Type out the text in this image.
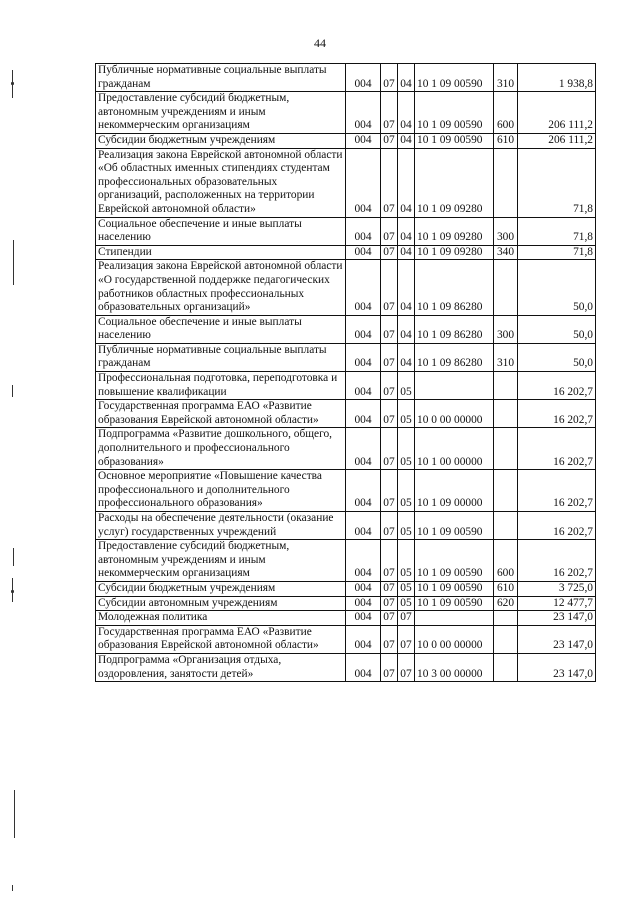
44
Публичные нормативные социальные выплаты гражданам	004	07	04	10 1 09 00590	310	1 938,8
Предоставление субсидий бюджетным, автономным учреждениям и иным некоммерческим организациям	004	07	04	10 1 09 00590	600	206 111,2
Субсидии бюджетным учреждениям	004	07	04	10 1 09 00590	610	206 111,2
Реализация закона Еврейской автономной области «Об областных именных стипендиях студентам профессиональных образовательных организаций, расположенных на территории Еврейской автономной области»	004	07	04	10 1 09 09280		71,8
Социальное обеспечение и иные выплаты населению	004	07	04	10 1 09 09280	300	71,8
Стипендии	004	07	04	10 1 09 09280	340	71,8
Реализация закона Еврейской автономной области «О государственной поддержке педагогических работников областных профессиональных образовательных организаций»	004	07	04	10 1 09 86280		50,0
Социальное обеспечение и иные выплаты населению	004	07	04	10 1 09 86280	300	50,0
Публичные нормативные социальные выплаты гражданам	004	07	04	10 1 09 86280	310	50,0
Профессиональная подготовка, переподготовка и повышение квалификации	004	07	05			16 202,7
Государственная программа ЕАО «Развитие образования Еврейской автономной области»	004	07	05	10 0 00 00000		16 202,7
Подпрограмма «Развитие дошкольного, общего, дополнительного и профессионального образования»	004	07	05	10 1 00 00000		16 202,7
Основное мероприятие «Повышение качества профессионального и дополнительного профессионального образования»	004	07	05	10 1 09 00000		16 202,7
Расходы на обеспечение деятельности (оказание услуг) государственных учреждений	004	07	05	10 1 09 00590		16 202,7
Предоставление субсидий бюджетным, автономным учреждениям и иным некоммерческим организациям	004	07	05	10 1 09 00590	600	16 202,7
Субсидии бюджетным учреждениям	004	07	05	10 1 09 00590	610	3 725,0
Субсидии автономным учреждениям	004	07	05	10 1 09 00590	620	12 477,7
Молодежная политика	004	07	07			23 147,0
Государственная программа ЕАО «Развитие образования Еврейской автономной области»	004	07	07	10 0 00 00000		23 147,0
Подпрограмма «Организация отдыха, оздоровления, занятости детей»	004	07	07	10 3 00 00000		23 147,0
